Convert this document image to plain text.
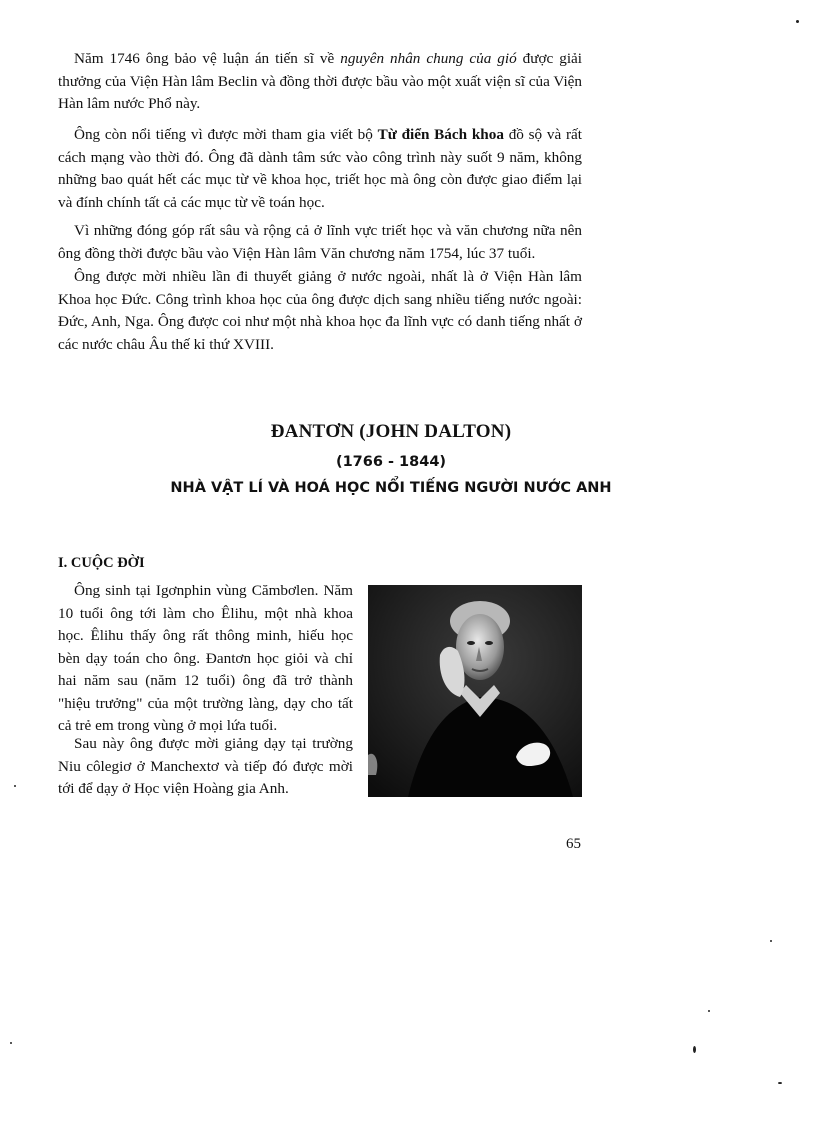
Năm 1746 ông bảo vệ luận án tiến sĩ về nguyên nhân chung của gió được giải thưởng của Viện Hàn lâm Beclin và đồng thời được bầu vào một xuất viện sĩ của Viện Hàn lâm nước Phổ này.

Ông còn nổi tiếng vì được mời tham gia viết bộ Từ điển Bách khoa đồ sộ và rất cách mạng vào thời đó. Ông đã dành tâm sức vào công trình này suốt 9 năm, không những bao quát hết các mục từ về khoa học, triết học mà ông còn được giao điểm lại và đính chính tất cả các mục từ về toán học.

Vì những đóng góp rất sâu và rộng cả ở lĩnh vực triết học và văn chương nữa nên ông đồng thời được bầu vào Viện Hàn lâm Văn chương năm 1754, lúc 37 tuổi.

Ông được mời nhiều lần đi thuyết giảng ở nước ngoài, nhất là ở Viện Hàn lâm Khoa học Đức. Công trình khoa học của ông được dịch sang nhiều tiếng nước ngoài: Đức, Anh, Nga. Ông được coi như một nhà khoa học đa lĩnh vực có danh tiếng nhất ở các nước châu Âu thế kỉ thứ XVIII.

ĐANTƠN (JOHN DALTON)
(1766 - 1844)
NHÀ VẬT LÍ VÀ HOÁ HỌC NỔI TIẾNG NGƯỜI NƯỚC ANH
I. CUỘC ĐỜI

Ông sinh tại Igơnphin vùng Cămbơlen. Năm 10 tuổi ông tới làm cho Êlihu, một nhà khoa học. Êlihu thấy ông rất thông minh, hiếu học bèn dạy toán cho ông. Đantơn học giỏi và chỉ hai năm sau (năm 12 tuổi) ông đã trở thành "hiệu trưởng" của một trường làng, dạy cho tất cả trẻ em trong vùng ở mọi lứa tuổi.

Sau này ông được mời giảng dạy tại trường Niu côlegiơ ở Manchextơ và tiếp đó được mời tới để dạy ở Học viện Hoàng gia Anh.

65
